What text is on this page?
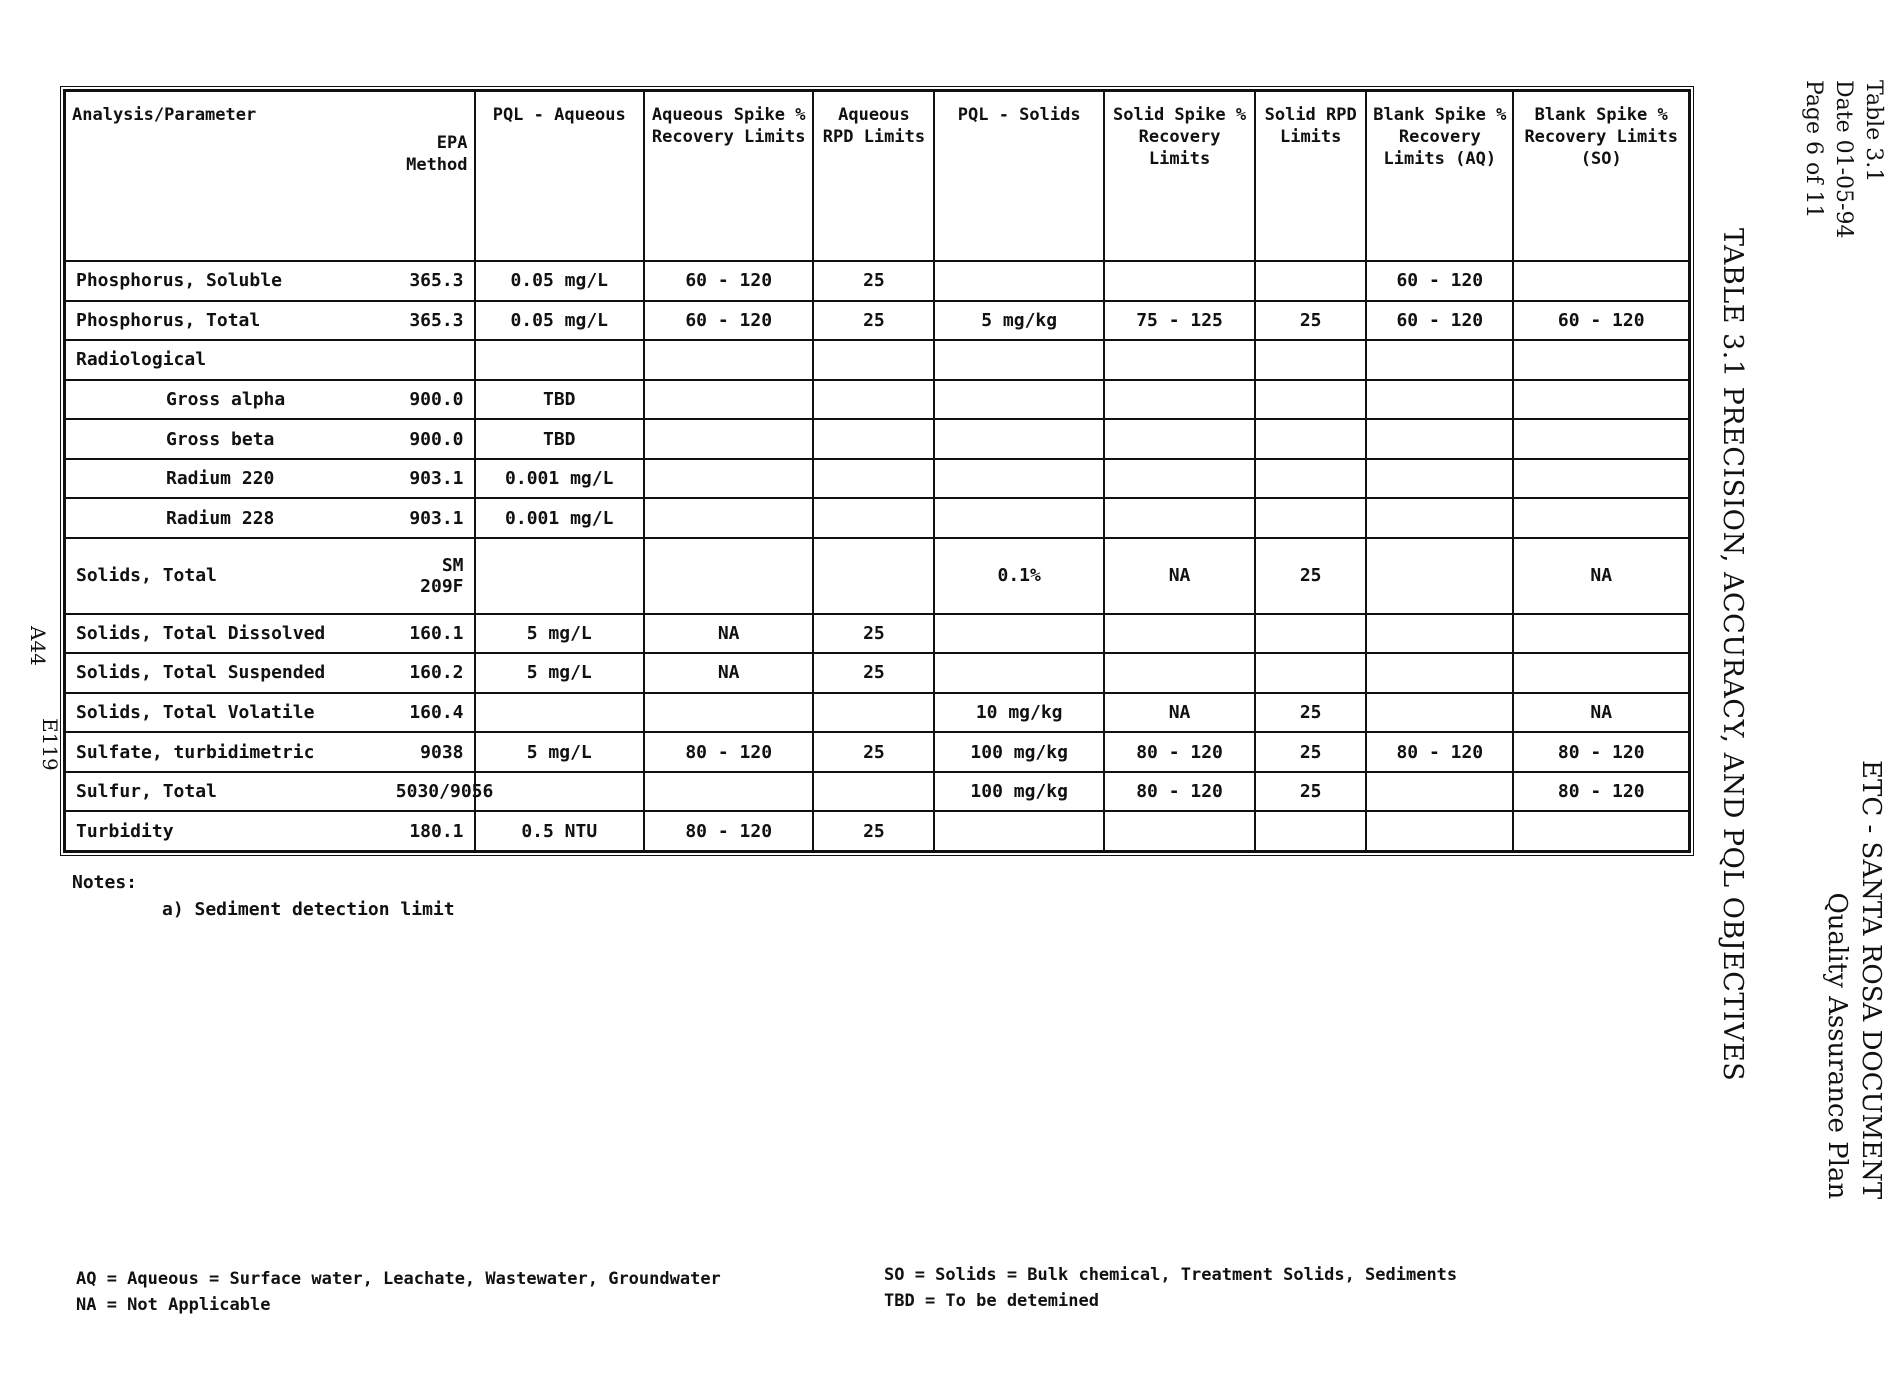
Table 3.1
Date 01-05-94
Page 6 of 11
ETC - SANTA ROSA DOCUMENT
Quality Assurance Plan
TABLE 3.1 PRECISION, ACCURACY, AND PQL OBJECTIVES
A44
E119
Analysis/Parameter	EPA Method	PQL - Aqueous	Aqueous Spike % Recovery Limits	Aqueous RPD Limits	PQL - Solids	Solid Spike % Recovery Limits	Solid RPD Limits	Blank Spike % Recovery Limits (AQ)	Blank Spike % Recovery Limits (SO)
Phosphorus, Soluble	365.3	0.05 mg/L	60 - 120	25				60 - 120	
Phosphorus, Total	365.3	0.05 mg/L	60 - 120	25	5 mg/kg	75 - 125	25	60 - 120	60 - 120
Radiological									
Gross alpha	900.0	TBD							
Gross beta	900.0	TBD							
Radium 220	903.1	0.001 mg/L							
Radium 228	903.1	0.001 mg/L							
Solids, Total	SM 209F				0.1%	NA	25		NA
Solids, Total Dissolved	160.1	5 mg/L	NA	25					
Solids, Total Suspended	160.2	5 mg/L	NA	25					
Solids, Total Volatile	160.4				10 mg/kg	NA	25		NA
Sulfate, turbidimetric	9038	5 mg/L	80 - 120	25	100 mg/kg	80 - 120	25	80 - 120	80 - 120
Sulfur, Total	5030/9056				100 mg/kg	80 - 120	25		80 - 120
Turbidity	180.1	0.5 NTU	80 - 120	25					
Notes:
a) Sediment detection limit
AQ = Aqueous = Surface water, Leachate, Wastewater, Groundwater
NA = Not Applicable
SO = Solids = Bulk chemical, Treatment Solids, Sediments
TBD = To be detemined
